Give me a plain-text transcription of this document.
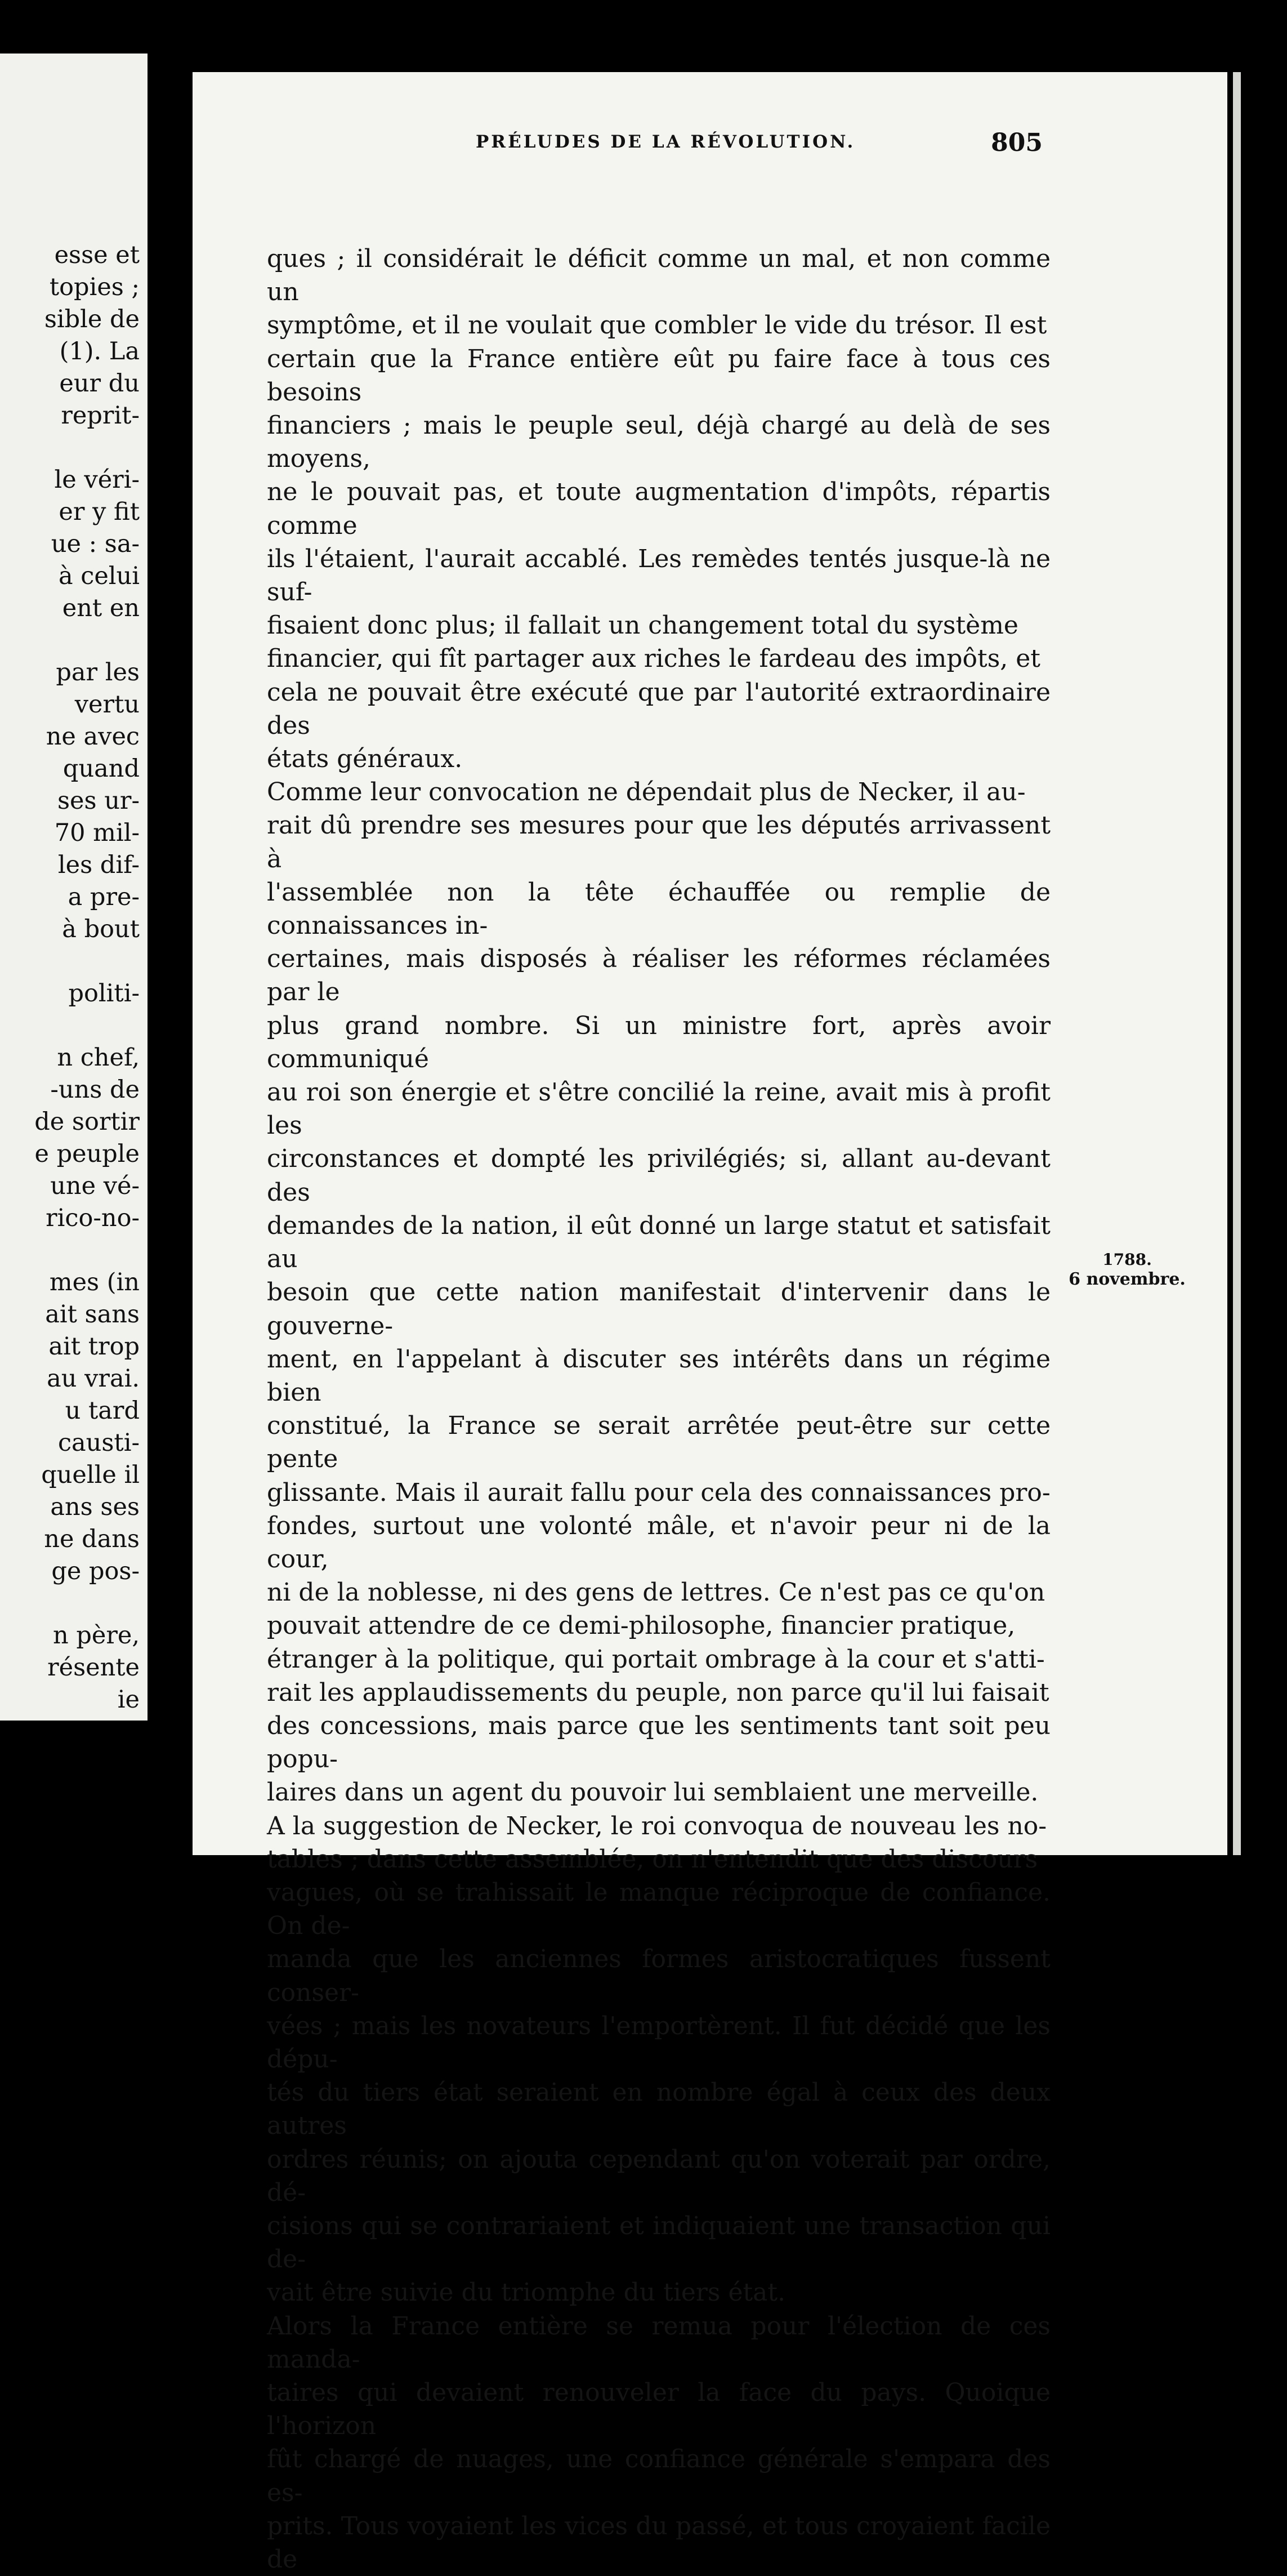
esse et
topies ;
sible de
(1). La
eur du
reprit-

le véri-
er y fit
ue : sa-
à celui
ent en

par les
vertu
ne avec
quand
ses ur-
70 mil-
les dif-
a pre-
à bout

politi-

n chef,
-uns de
de sortir
e peuple
une vé-
rico-no-

mes (in
ait sans
ait trop
au vrai.
u tard
causti-
quelle il
ans ses
ne dans
ge pos-

n père,
résente
ie

PRÉLUDES DE LA RÉVOLUTION.	805

ques ; il considérait le déficit comme un mal, et non comme un
symptôme, et il ne voulait que combler le vide du trésor. Il est
certain que la France entière eût pu faire face à tous ces besoins
financiers ; mais le peuple seul, déjà chargé au delà de ses moyens,
ne le pouvait pas, et toute augmentation d'impôts, répartis comme
ils l'étaient, l'aurait accablé. Les remèdes tentés jusque-là ne suf-
fisaient donc plus; il fallait un changement total du système
financier, qui fît partager aux riches le fardeau des impôts, et
cela ne pouvait être exécuté que par l'autorité extraordinaire des
états généraux.

Comme leur convocation ne dépendait plus de Necker, il au-
rait dû prendre ses mesures pour que les députés arrivassent à
l'assemblée non la tête échauffée ou remplie de connaissances in-
certaines, mais disposés à réaliser les réformes réclamées par le
plus grand nombre. Si un ministre fort, après avoir communiqué
au roi son énergie et s'être concilié la reine, avait mis à profit les
circonstances et dompté les privilégiés; si, allant au-devant des
demandes de la nation, il eût donné un large statut et satisfait au
besoin que cette nation manifestait d'intervenir dans le gouverne-
ment, en l'appelant à discuter ses intérêts dans un régime bien
constitué, la France se serait arrêtée peut-être sur cette pente
glissante. Mais il aurait fallu pour cela des connaissances pro-
fondes, surtout une volonté mâle, et n'avoir peur ni de la cour,
ni de la noblesse, ni des gens de lettres. Ce n'est pas ce qu'on
pouvait attendre de ce demi-philosophe, financier pratique,
étranger à la politique, qui portait ombrage à la cour et s'atti-
rait les applaudissements du peuple, non parce qu'il lui faisait
des concessions, mais parce que les sentiments tant soit peu popu-
laires dans un agent du pouvoir lui semblaient une merveille.

A la suggestion de Necker, le roi convoqua de nouveau les no-
tables ; dans cette assemblée, on n'entendit que des discours
vagues, où se trahissait le manque réciproque de confiance. On de-
manda que les anciennes formes aristocratiques fussent conser-
vées ; mais les novateurs l'emportèrent. Il fut décidé que les dépu-
tés du tiers état seraient en nombre égal à ceux des deux autres
ordres réunis; on ajouta cependant qu'on voterait par ordre, dé-
cisions qui se contrariaient et indiquaient une transaction qui de-
vait être suivie du triomphe du tiers état.

Alors la France entière se remua pour l'élection de ces manda-
taires qui devaient renouveler la face du pays. Quoique l'horizon
fût chargé de nuages, une confiance générale s'empara des es-
prits. Tous voyaient les vices du passé, et tous croyaient facile de

1788.
6 novembre.
